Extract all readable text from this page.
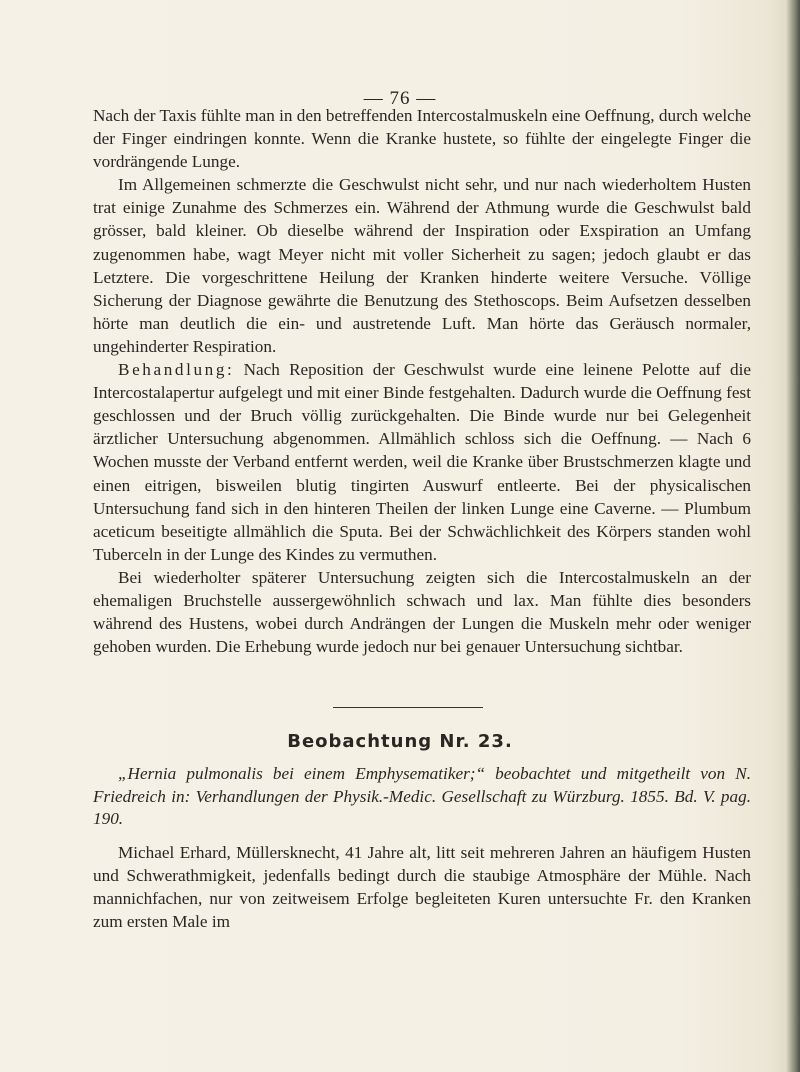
— 76 —

Nach der Taxis fühlte man in den betreffenden Intercostalmuskeln eine Oeffnung, durch welche der Finger eindringen konnte. Wenn die Kranke hustete, so fühlte der eingelegte Finger die vordrängende Lunge.

Im Allgemeinen schmerzte die Geschwulst nicht sehr, und nur nach wiederholtem Husten trat einige Zunahme des Schmerzes ein. Während der Athmung wurde die Geschwulst bald grösser, bald kleiner. Ob dieselbe während der Inspiration oder Exspiration an Umfang zugenommen habe, wagt Meyer nicht mit voller Sicherheit zu sagen; jedoch glaubt er das Letztere. Die vorgeschrittene Heilung der Kranken hinderte weitere Versuche. Völlige Sicherung der Diagnose gewährte die Benutzung des Stethoscops. Beim Aufsetzen desselben hörte man deutlich die ein- und austretende Luft. Man hörte das Geräusch normaler, ungehinderter Respiration.

Behandlung: Nach Reposition der Geschwulst wurde eine leinene Pelotte auf die Intercostalapertur aufgelegt und mit einer Binde festgehalten. Dadurch wurde die Oeffnung fest geschlossen und der Bruch völlig zurückgehalten. Die Binde wurde nur bei Gelegenheit ärztlicher Untersuchung abgenommen. Allmählich schloss sich die Oeffnung. — Nach 6 Wochen musste der Verband entfernt werden, weil die Kranke über Brustschmerzen klagte und einen eitrigen, bisweilen blutig tingirten Auswurf entleerte. Bei der physicalischen Untersuchung fand sich in den hinteren Theilen der linken Lunge eine Caverne. — Plumbum aceticum beseitigte allmählich die Sputa. Bei der Schwächlichkeit des Körpers standen wohl Tuberceln in der Lunge des Kindes zu vermuthen.

Bei wiederholter späterer Untersuchung zeigten sich die Intercostalmuskeln an der ehemaligen Bruchstelle aussergewöhnlich schwach und lax. Man fühlte dies besonders während des Hustens, wobei durch Andrängen der Lungen die Muskeln mehr oder weniger gehoben wurden. Die Erhebung wurde jedoch nur bei genauer Untersuchung sichtbar.

Beobachtung Nr. 23.

„Hernia pulmonalis bei einem Emphysematiker;“ beobachtet und mitgetheilt von N. Friedreich in: Verhandlungen der Physik.-Medic. Gesellschaft zu Würzburg. 1855. Bd. V. pag. 190.

Michael Erhard, Müllersknecht, 41 Jahre alt, litt seit mehreren Jahren an häufigem Husten und Schwerathmigkeit, jedenfalls bedingt durch die staubige Atmosphäre der Mühle. Nach mannichfachen, nur von zeitweisem Erfolge begleiteten Kuren untersuchte Fr. den Kranken zum ersten Male im
